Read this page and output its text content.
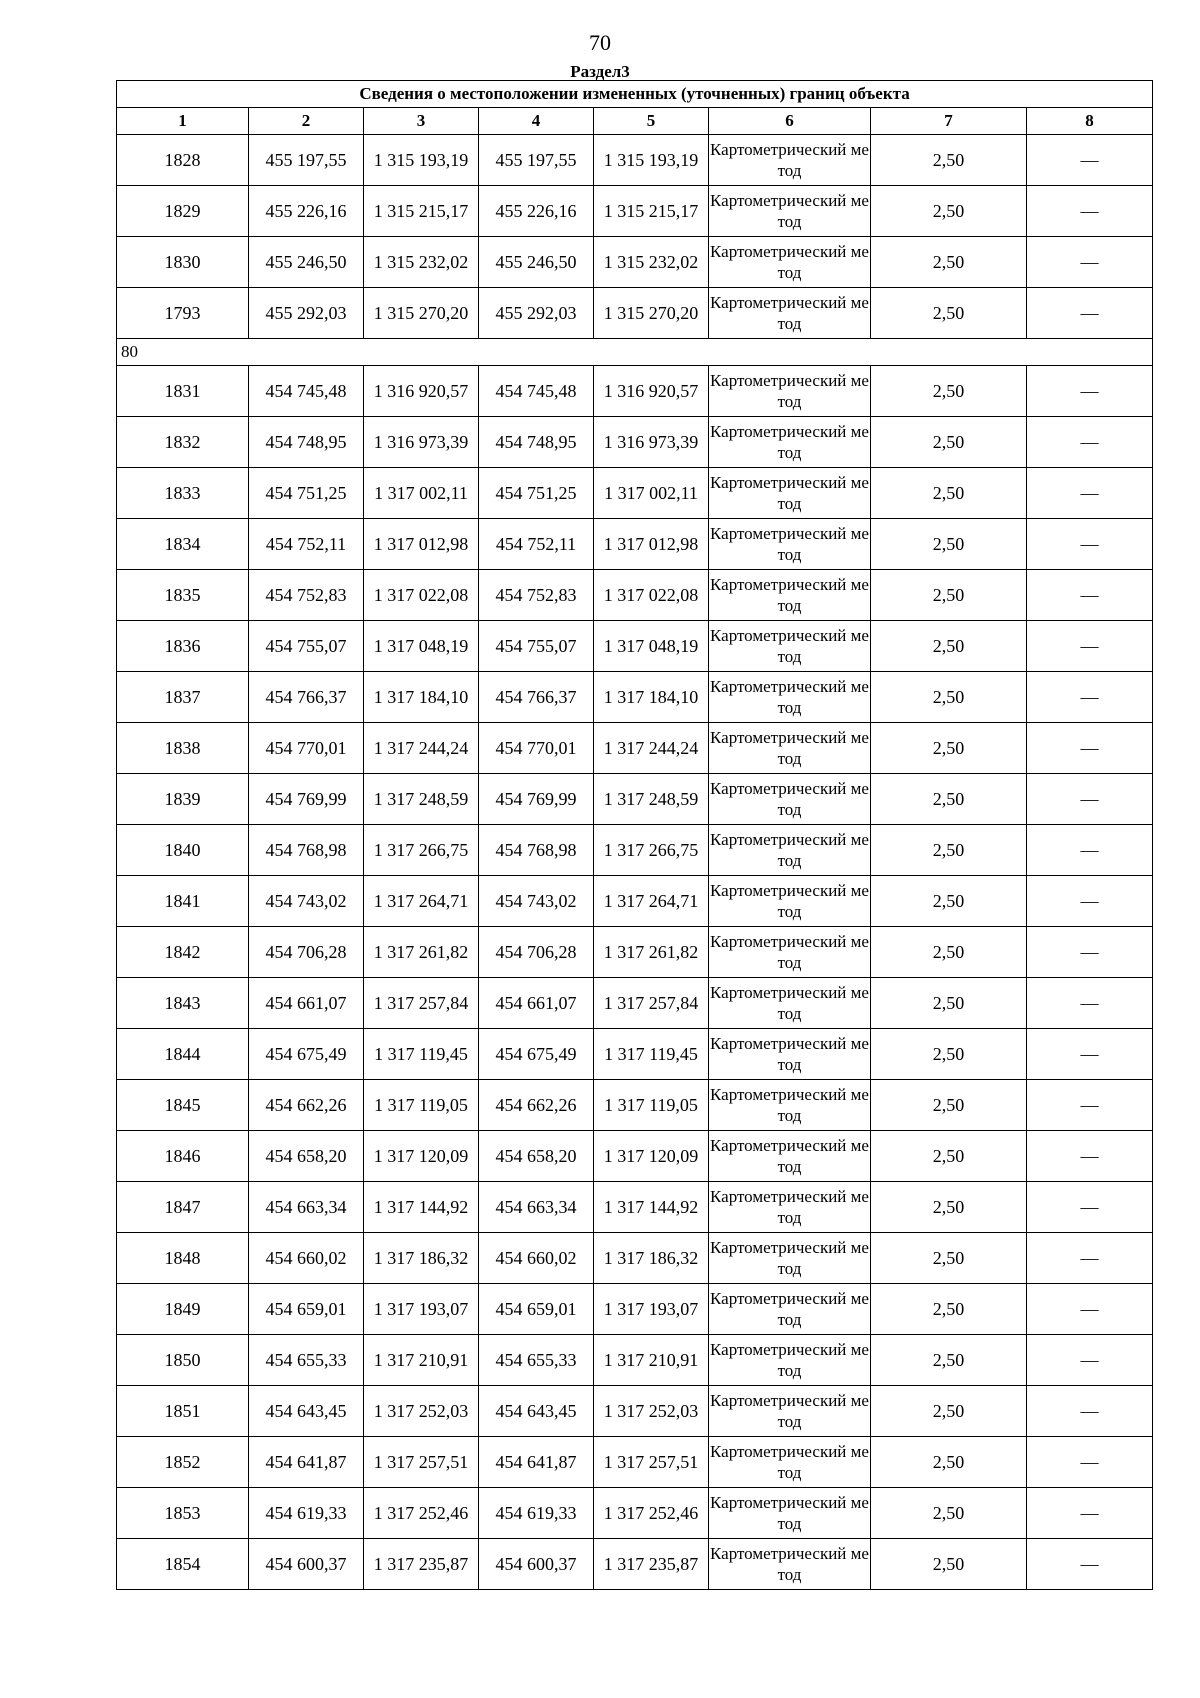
70
Раздел3
Сведения о местоположении измененных (уточненных) границ объекта							
1	2	3	4	5	6	7	8
1828	455 197,55	1 315 193,19	455 197,55	1 315 193,19	Картометрический метод	2,50	—
1829	455 226,16	1 315 215,17	455 226,16	1 315 215,17	Картометрический метод	2,50	—
1830	455 246,50	1 315 232,02	455 246,50	1 315 232,02	Картометрический метод	2,50	—
1793	455 292,03	1 315 270,20	455 292,03	1 315 270,20	Картометрический метод	2,50	—
80							
1831	454 745,48	1 316 920,57	454 745,48	1 316 920,57	Картометрический метод	2,50	—
1832	454 748,95	1 316 973,39	454 748,95	1 316 973,39	Картометрический метод	2,50	—
1833	454 751,25	1 317 002,11	454 751,25	1 317 002,11	Картометрический метод	2,50	—
1834	454 752,11	1 317 012,98	454 752,11	1 317 012,98	Картометрический метод	2,50	—
1835	454 752,83	1 317 022,08	454 752,83	1 317 022,08	Картометрический метод	2,50	—
1836	454 755,07	1 317 048,19	454 755,07	1 317 048,19	Картометрический метод	2,50	—
1837	454 766,37	1 317 184,10	454 766,37	1 317 184,10	Картометрический метод	2,50	—
1838	454 770,01	1 317 244,24	454 770,01	1 317 244,24	Картометрический метод	2,50	—
1839	454 769,99	1 317 248,59	454 769,99	1 317 248,59	Картометрический метод	2,50	—
1840	454 768,98	1 317 266,75	454 768,98	1 317 266,75	Картометрический метод	2,50	—
1841	454 743,02	1 317 264,71	454 743,02	1 317 264,71	Картометрический метод	2,50	—
1842	454 706,28	1 317 261,82	454 706,28	1 317 261,82	Картометрический метод	2,50	—
1843	454 661,07	1 317 257,84	454 661,07	1 317 257,84	Картометрический метод	2,50	—
1844	454 675,49	1 317 119,45	454 675,49	1 317 119,45	Картометрический метод	2,50	—
1845	454 662,26	1 317 119,05	454 662,26	1 317 119,05	Картометрический метод	2,50	—
1846	454 658,20	1 317 120,09	454 658,20	1 317 120,09	Картометрический метод	2,50	—
1847	454 663,34	1 317 144,92	454 663,34	1 317 144,92	Картометрический метод	2,50	—
1848	454 660,02	1 317 186,32	454 660,02	1 317 186,32	Картометрический метод	2,50	—
1849	454 659,01	1 317 193,07	454 659,01	1 317 193,07	Картометрический метод	2,50	—
1850	454 655,33	1 317 210,91	454 655,33	1 317 210,91	Картометрический метод	2,50	—
1851	454 643,45	1 317 252,03	454 643,45	1 317 252,03	Картометрический метод	2,50	—
1852	454 641,87	1 317 257,51	454 641,87	1 317 257,51	Картометрический метод	2,50	—
1853	454 619,33	1 317 252,46	454 619,33	1 317 252,46	Картометрический метод	2,50	—
1854	454 600,37	1 317 235,87	454 600,37	1 317 235,87	Картометрический метод	2,50	—
